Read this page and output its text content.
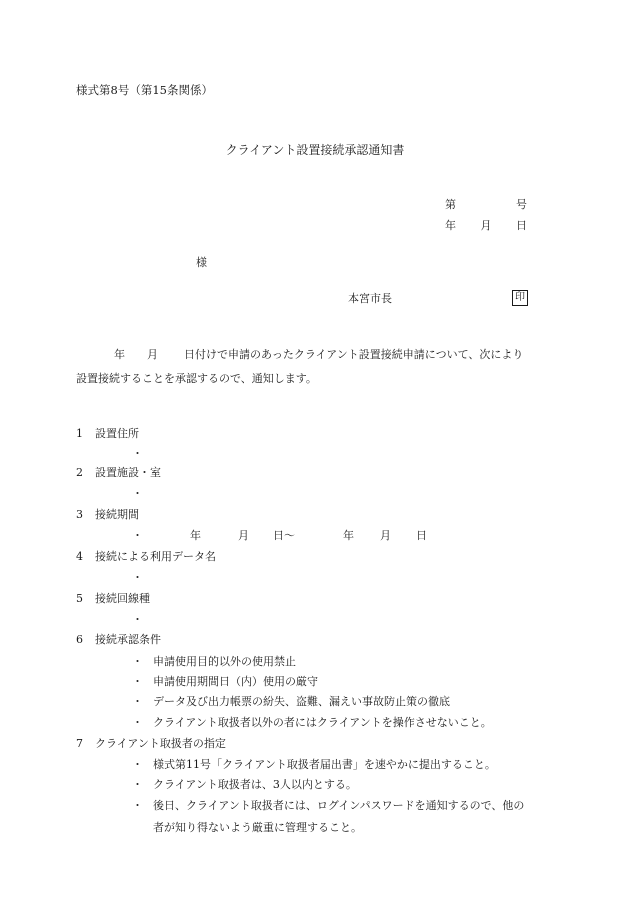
様式第8号（第15条関係）
クライアント設置接続承認通知書
第	号
年 月 日
様
本宮市長	印
年 月 日付けで申請のあったクライアント設置接続申請について、次により
設置接続することを承認するので、通知します。
1 設置住所
・
2 設置施設・室
・
3 接続期間
・	年	月	日〜	年	月	日
4 接続による利用データ名
・
5 接続回線種
・
6 接続承認条件
・ 申請使用目的以外の使用禁止
・ 申請使用期間日（内）使用の厳守
・ データ及び出力帳票の紛失、盗難、漏えい事故防止策の徹底
・ クライアント取扱者以外の者にはクライアントを操作させないこと。
7 クライアント取扱者の指定
・ 様式第11号「クライアント取扱者届出書」を速やかに提出すること。
・ クライアント取扱者は、3人以内とする。
・ 後日、クライアント取扱者には、ログインパスワードを通知するので、他の
者が知り得ないよう厳重に管理すること。
